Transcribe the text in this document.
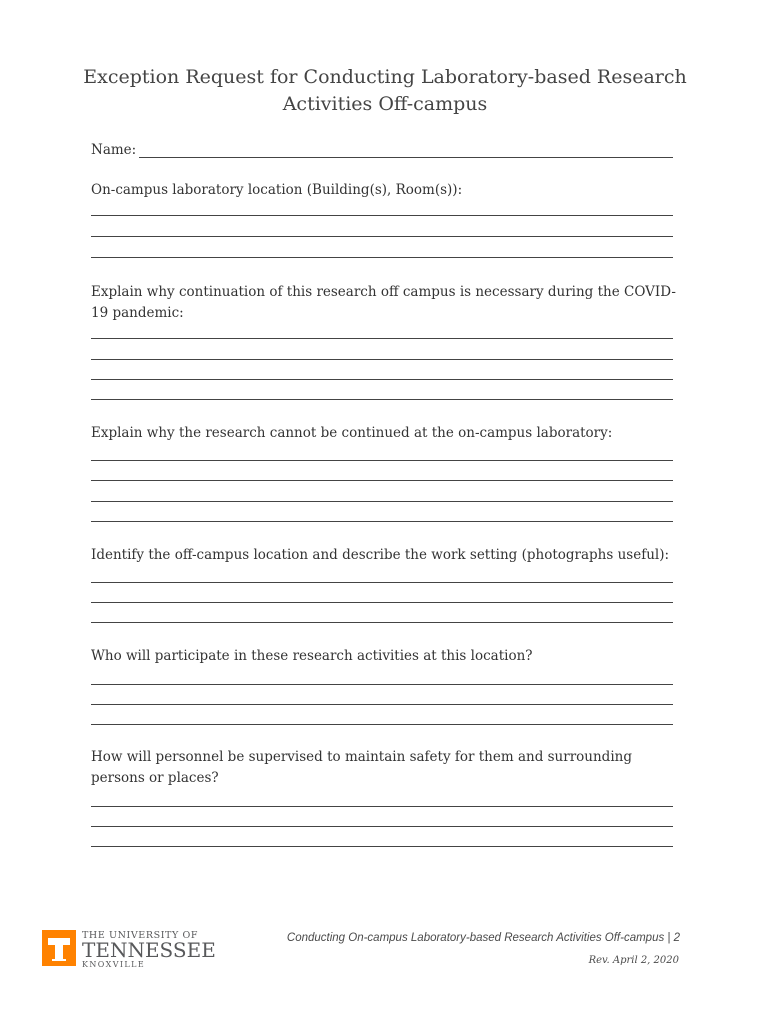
Exception Request for Conducting Laboratory-based Research
Activities Off-campus
Name:
On-campus laboratory location (Building(s), Room(s)):
Explain why continuation of this research off campus is necessary during the COVID-19 pandemic:
Explain why the research cannot be continued at the on-campus laboratory:
Identify the off-campus location and describe the work setting (photographs useful):
Who will participate in these research activities at this location?
How will personnel be supervised to maintain safety for them and surrounding persons or places?
THE UNIVERSITY OF
TENNESSEE
KNOXVILLE
Conducting On-campus Laboratory-based Research Activities Off-campus | 2
Rev. April 2, 2020
